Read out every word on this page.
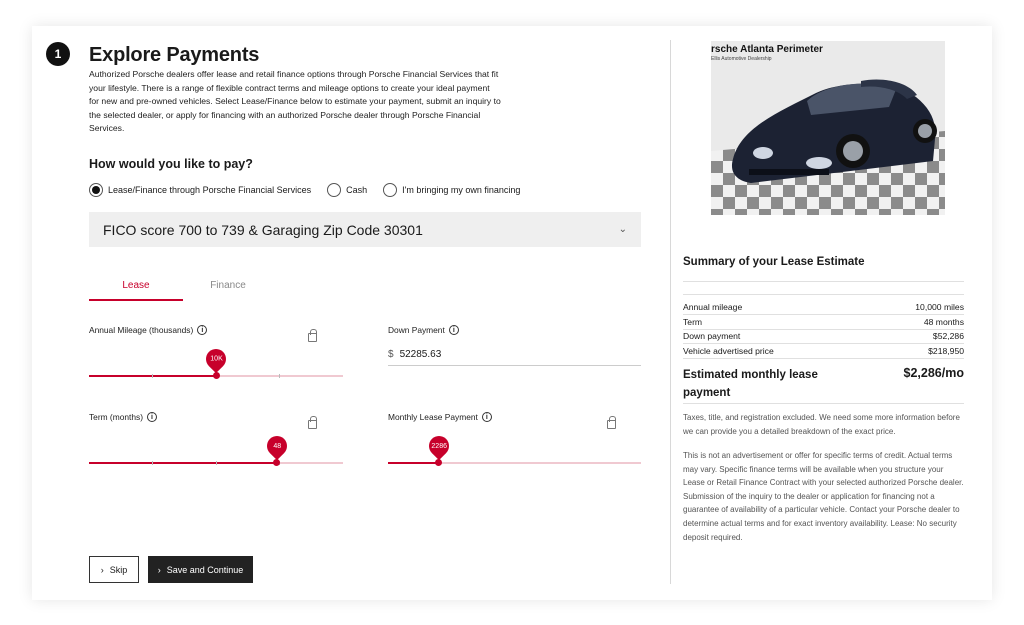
1	Explore Payments
Authorized Porsche dealers offer lease and retail finance options through Porsche Financial Services that fit your lifestyle. There is a range of flexible contract terms and mileage options to create your ideal payment for new and pre-owned vehicles. Select Lease/Finance below to estimate your payment, submit an inquiry to the selected dealer, or apply for financing with an authorized Porsche dealer through Porsche Financial Services.
How would you like to pay?
Lease/Finance through Porsche Financial Services	Cash	I'm bringing my own financing
FICO score 700 to 739 & Garaging Zip Code 30301	⌄
Lease	Finance
Annual Mileage (thousands)	i
10K
Down Payment	i
$ 52285.63
Term (months)	i
48
Monthly Lease Payment	i
2286
› Skip	› Save and Continue
rsche Atlanta Perimeter
Ellis Automotive Dealership
Summary of your Lease Estimate
Annual mileage	10,000 miles
Term	48 months
Down payment	$52,286
Vehicle advertised price	$218,950
Estimated monthly lease payment
$2,286/mo
Taxes, title, and registration excluded. We need some more information before we can provide you a detailed breakdown of the exact price.
This is not an advertisement or offer for specific terms of credit. Actual terms may vary. Specific finance terms will be available when you structure your Lease or Retail Finance Contract with your selected authorized Porsche dealer. Submission of the inquiry to the dealer or application for financing not a guarantee of availability of a particular vehicle. Contact your Porsche dealer to determine actual terms and for exact inventory availability. Lease: No security deposit required.
